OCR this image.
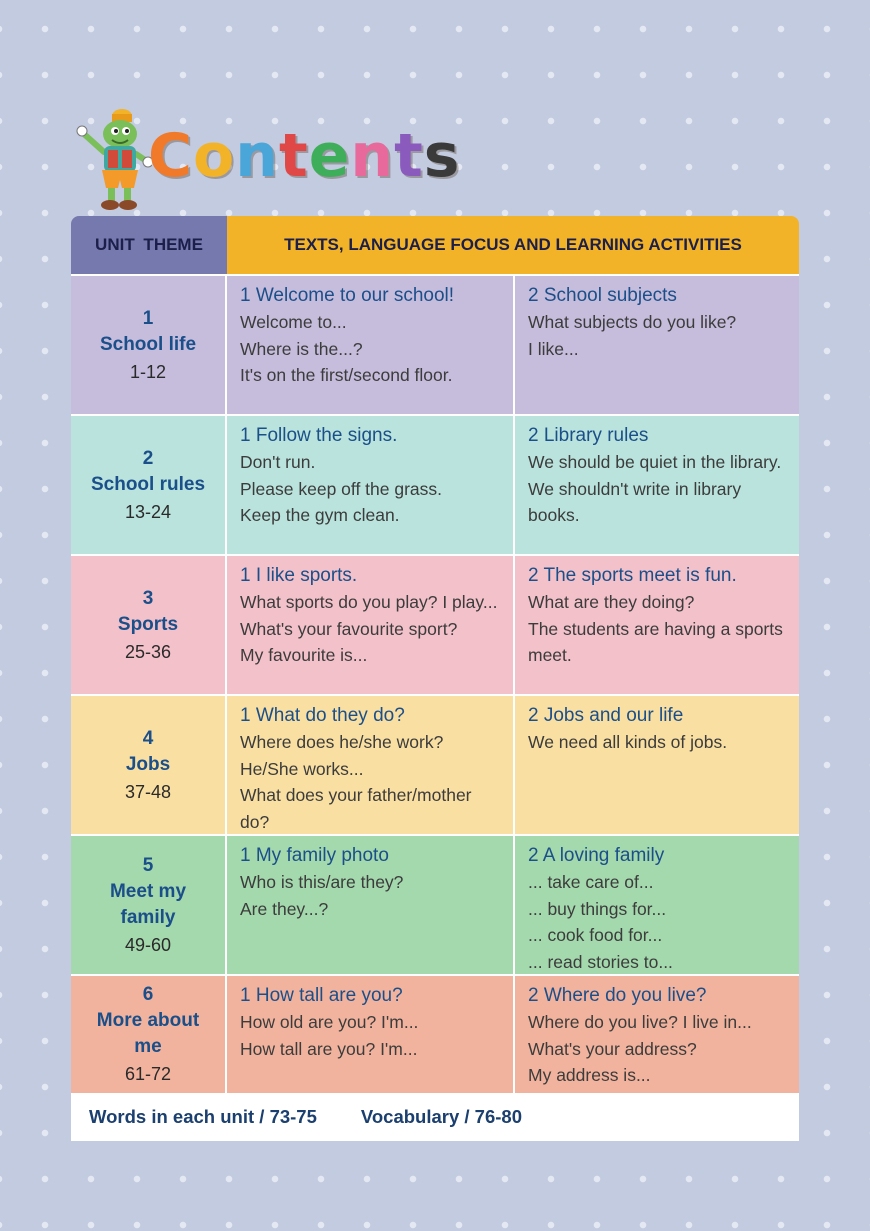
Contents
UNIT THEME	TEXTS, LANGUAGE FOCUS AND LEARNING ACTIVITIES
1
School life
1-12
1 Welcome to our school!
Welcome to...
Where is the...?
It's on the first/second floor.
2 School subjects
What subjects do you like?
I like...
2
School rules
13-24
1 Follow the signs.
Don't run.
Please keep off the grass.
Keep the gym clean.
2 Library rules
We should be quiet in the library.
We shouldn't write in library
books.
3
Sports
25-36
1 I like sports.
What sports do you play? I play...
What's your favourite sport?
My favourite is...
2 The sports meet is fun.
What are they doing?
The students are having a sports
meet.
4
Jobs
37-48
1 What do they do?
Where does he/she work?
He/She works...
What does your father/mother do?
2 Jobs and our life
We need all kinds of jobs.
5
Meet my
family
49-60
1 My family photo
Who is this/are they?
Are they...?
2 A loving family
... take care of...
... buy things for...
... cook food for...
... read stories to...
6
More about
me
61-72
1 How tall are you?
How old are you? I'm...
How tall are you? I'm...
2 Where do you live?
Where do you live? I live in...
What's your address?
My address is...
Words in each unit / 73-75 Vocabulary / 76-80
